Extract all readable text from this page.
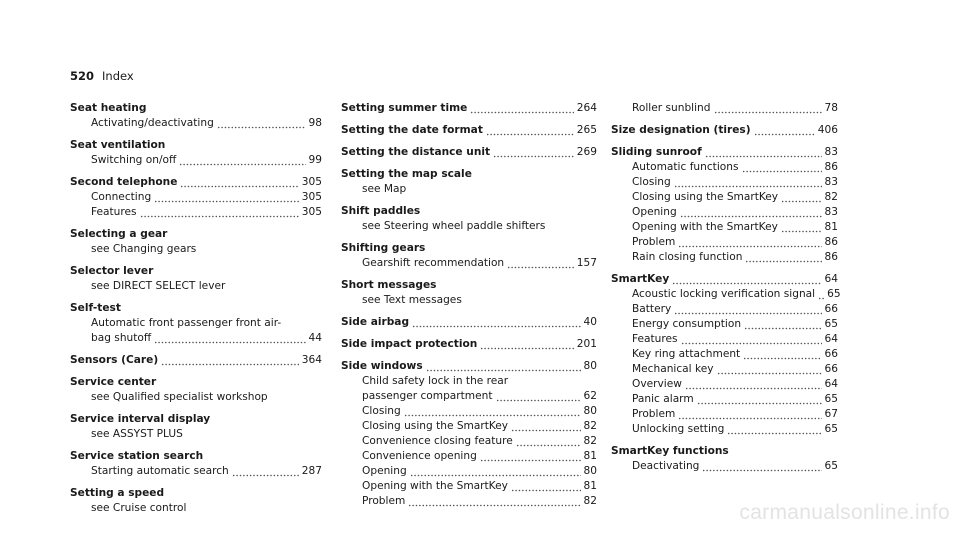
520 Index
Seat heating
Activating/deactivating	98
Seat ventilation
Switching on/off	99
Second telephone	305
Connecting	305
Features	305
Selecting a gear
see Changing gears
Selector lever
see DIRECT SELECT lever
Self-test
Automatic front passenger front air-
bag shutoff	44
Sensors (Care)	364
Service center
see Qualified specialist workshop
Service interval display
see ASSYST PLUS
Service station search
Starting automatic search	287
Setting a speed
see Cruise control
Setting summer time	264
Setting the date format	265
Setting the distance unit	269
Setting the map scale
see Map
Shift paddles
see Steering wheel paddle shifters
Shifting gears
Gearshift recommendation	157
Short messages
see Text messages
Side airbag	40
Side impact protection	201
Side windows	80
Child safety lock in the rear
passenger compartment	62
Closing	80
Closing using the SmartKey	82
Convenience closing feature	82
Convenience opening	81
Opening	80
Opening with the SmartKey	81
Problem	82
Roller sunblind	78
Size designation (tires)	406
Sliding sunroof	83
Automatic functions	86
Closing	83
Closing using the SmartKey	82
Opening	83
Opening with the SmartKey	81
Problem	86
Rain closing function	86
SmartKey	64
Acoustic locking verification signal 65
Battery	66
Energy consumption	65
Features	64
Key ring attachment	66
Mechanical key	66
Overview	64
Panic alarm	65
Problem	67
Unlocking setting	65
SmartKey functions
Deactivating	65
carmanualsonline.info
